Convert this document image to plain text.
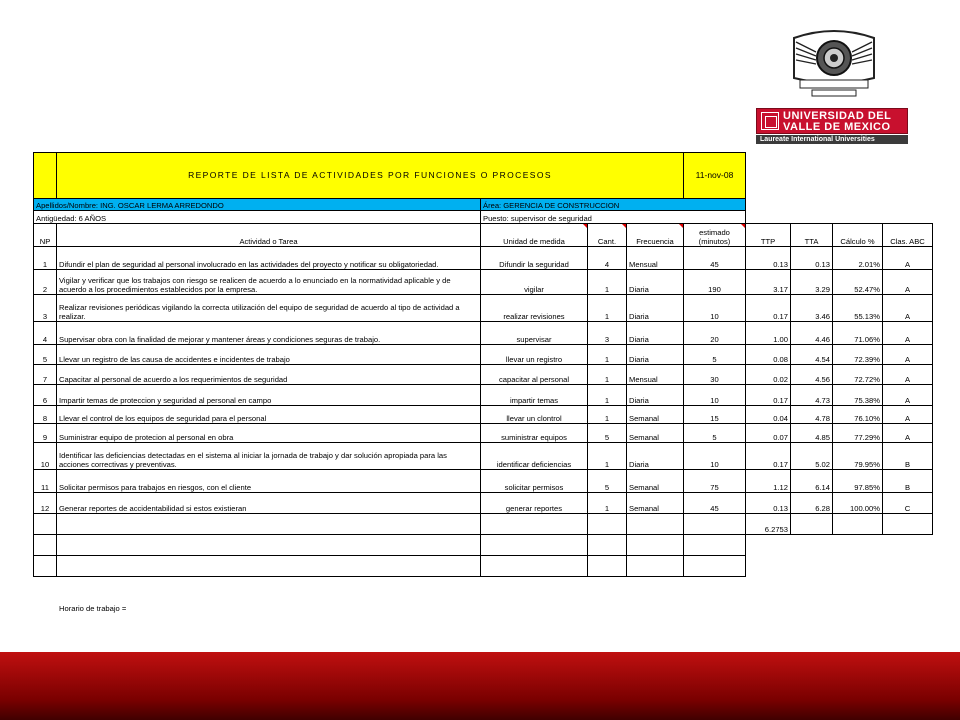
UNIVERSIDAD DEL
VALLE DE MEXICO
Laureate International Universities
	REPORTE DE LISTA DE ACTIVIDADES POR FUNCIONES O PROCESOS				11-nov-08				
Apellidos/Nombre: ING. OSCAR LERMA ARREDONDO		Área: GERENCIA DE CONSTRUCCION							
Antigüedad: 6 AÑOS		Puesto: supervisor de seguridad							
NP	Actividad o Tarea	Unidad de medida	Cant.	Frecuencia	estimado (minutos)	TTP	TTA	Cálculo %	Clas. ABC
1	Difundir el plan de seguridad al personal involucrado en las actividades del proyecto y notificar su obligatoriedad.	Difundir la seguridad	4	Mensual	45	0.13	0.13	2.01%	A
2	Vigilar y verificar que los trabajos con riesgo se realicen de acuerdo a lo enunciado en la normatividad aplicable y de acuerdo a los procedimientos establecidos por la empresa.	vigilar	1	Diaria	190	3.17	3.29	52.47%	A
3	Realizar revisiones periódicas vigilando la correcta utilización del equipo de seguridad de acuerdo al tipo de actividad a realizar.	realizar revisiones	1	Diaria	10	0.17	3.46	55.13%	A
4	Supervisar obra con la finalidad de mejorar y mantener áreas y condiciones seguras de trabajo.	supervisar	3	Diaria	20	1.00	4.46	71.06%	A
5	Llevar un registro de las causa de accidentes e incidentes de trabajo	llevar un registro	1	Diaria	5	0.08	4.54	72.39%	A
7	Capacitar al personal de acuerdo a los requerimientos de seguridad	capacitar al personal	1	Mensual	30	0.02	4.56	72.72%	A
6	Impartir temas de proteccion y seguridad al personal en campo	impartir temas	1	Diaria	10	0.17	4.73	75.38%	A
8	Llevar el control de los equipos de seguridad para el personal	llevar un clontrol	1	Semanal	15	0.04	4.78	76.10%	A
9	Suministrar equipo de protecion al personal en obra	suministrar equipos	5	Semanal	5	0.07	4.85	77.29%	A
10	Identificar las deficiencias detectadas en el sistema al iniciar la jornada de trabajo y dar solución apropiada para las acciones correctivas y preventivas.	identificar deficiencias	1	Diaria	10	0.17	5.02	79.95%	B
11	Solicitar permisos para trabajos en riesgos, con el cliente	solicitar permisos	5	Semanal	75	1.12	6.14	97.85%	B
12	Generar reportes de accidentabilidad si estos existieran	generar reportes	1	Semanal	45	0.13	6.28	100.00%	C
						6.2753			

Horario de trabajo =
